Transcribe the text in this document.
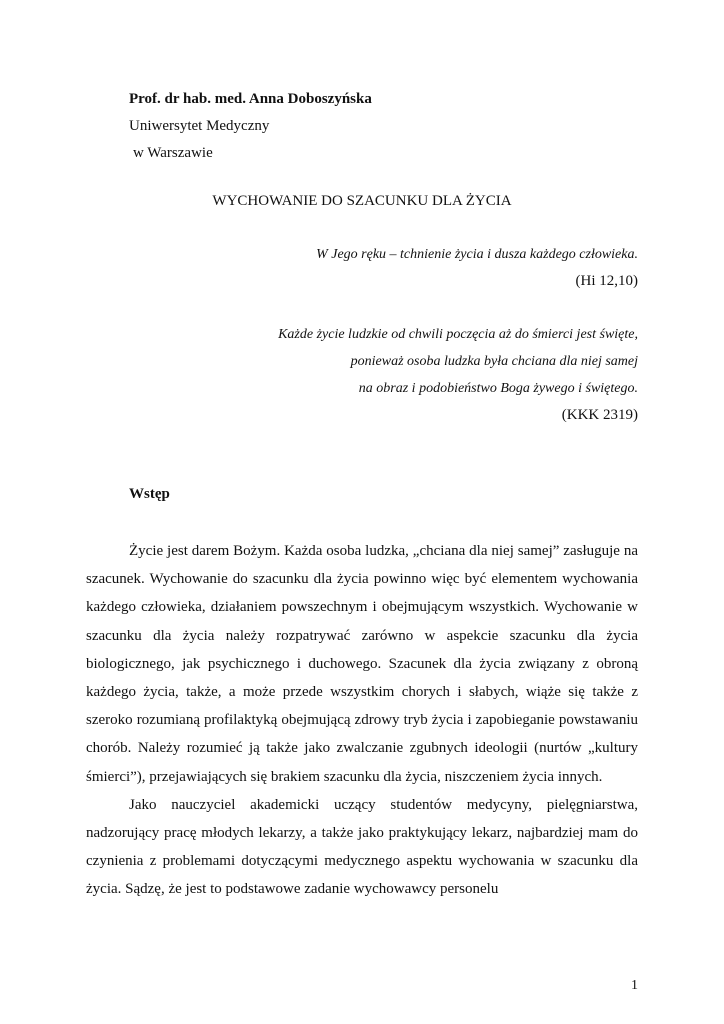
Prof. dr hab. med. Anna Doboszyńska
Uniwersytet Medyczny
w Warszawie
WYCHOWANIE DO SZACUNKU DLA ŻYCIA
W Jego ręku – tchnienie życia i dusza każdego człowieka.
(Hi 12,10)
Każde życie ludzkie od chwili poczęcia aż do śmierci jest święte,
ponieważ osoba ludzka była chciana dla niej samej
na obraz i podobieństwo Boga żywego i świętego.
(KKK 2319)
Wstęp

Życie jest darem Bożym. Każda osoba ludzka, „chciana dla niej samej” zasługuje na szacunek. Wychowanie do szacunku dla życia powinno więc być elementem wychowania każdego człowieka, działaniem powszechnym i obejmującym wszystkich. Wychowanie w szacunku dla życia należy rozpatrywać zarówno w aspekcie szacunku dla życia biologicznego, jak psychicznego i duchowego. Szacunek dla życia związany z obroną każdego życia, także, a może przede wszystkim chorych i słabych, wiąże się także z szeroko rozumianą profilaktyką obejmującą zdrowy tryb życia i zapobieganie powstawaniu chorób. Należy rozumieć ją także jako zwalczanie zgubnych ideologii (nurtów „kultury śmierci”), przejawiających się brakiem szacunku dla życia, niszczeniem życia innych.

Jako nauczyciel akademicki uczący studentów medycyny, pielęgniarstwa, nadzorujący pracę młodych lekarzy, a także jako praktykujący lekarz, najbardziej mam do czynienia z problemami dotyczącymi medycznego aspektu wychowania w szacunku dla życia. Sądzę, że jest to podstawowe zadanie wychowawcy personelu

1
